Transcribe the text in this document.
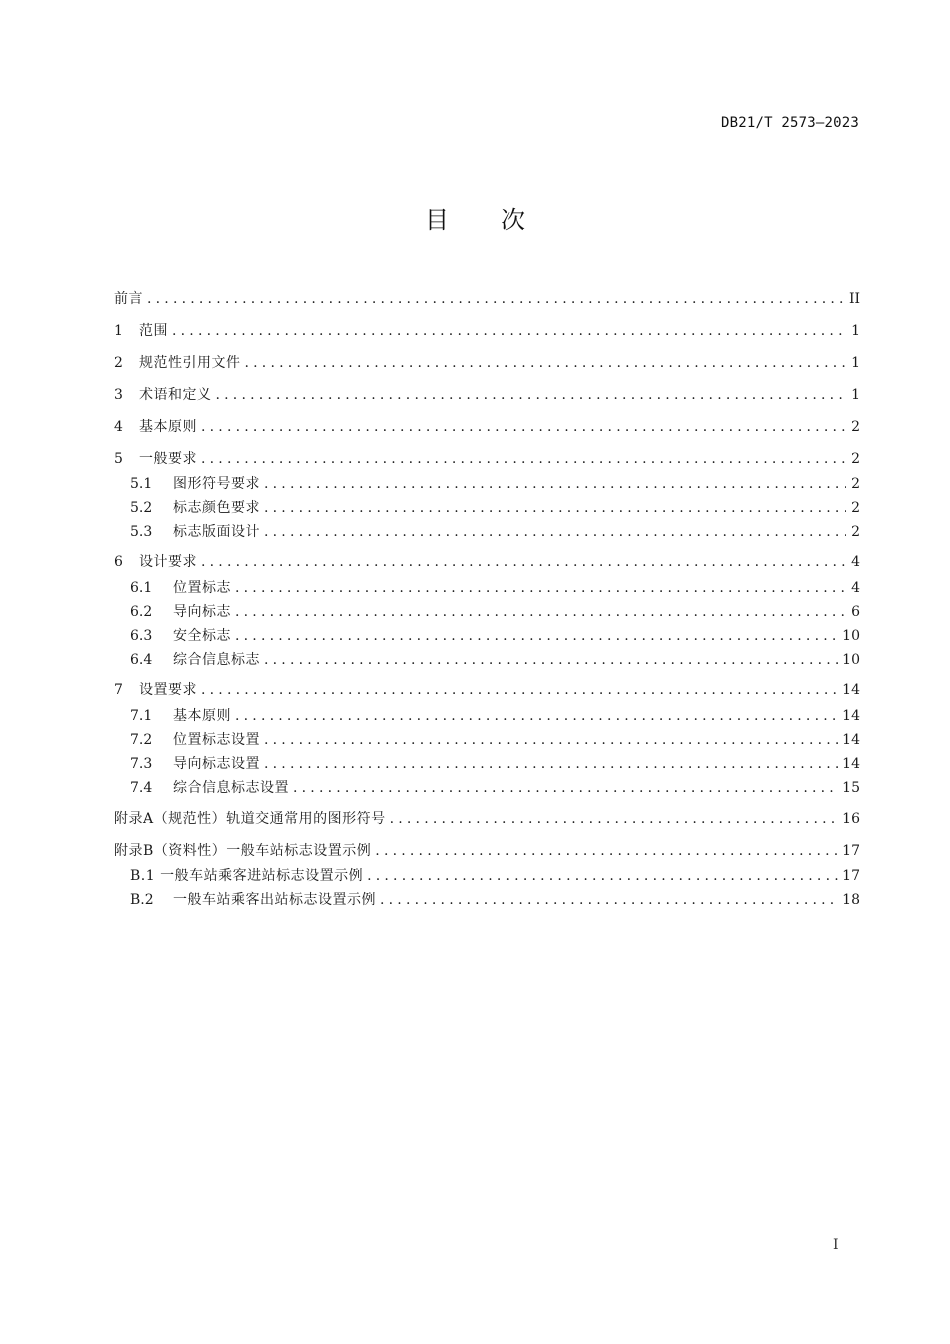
DB21/T 2573—2023
目 次
前言 .....	II
1	范围 .....	1
2	规范性引用文件 .....	1
3	术语和定义 .....	1
4	基本原则 .....	2
5	一般要求 .....	2
5.1	图形符号要求 .....	2
5.2	标志颜色要求 .....	2
5.3	标志版面设计 .....	2
6	设计要求 .....	4
6.1	位置标志 .....	4
6.2	导向标志 .....	6
6.3	安全标志 .....	10
6.4	综合信息标志 .....	10
7	设置要求 .....	14
7.1	基本原则 .....	14
7.2	位置标志设置 .....	14
7.3	导向标志设置 .....	14
7.4	综合信息标志设置 .....	15
附录A（规范性）轨道交通常用的图形符号 .....	16
附录B（资料性）一般车站标志设置示例 .....	17
B.1 一般车站乘客进站标志设置示例 .....	17
B.2	一般车站乘客出站标志设置示例 .....	18
I
